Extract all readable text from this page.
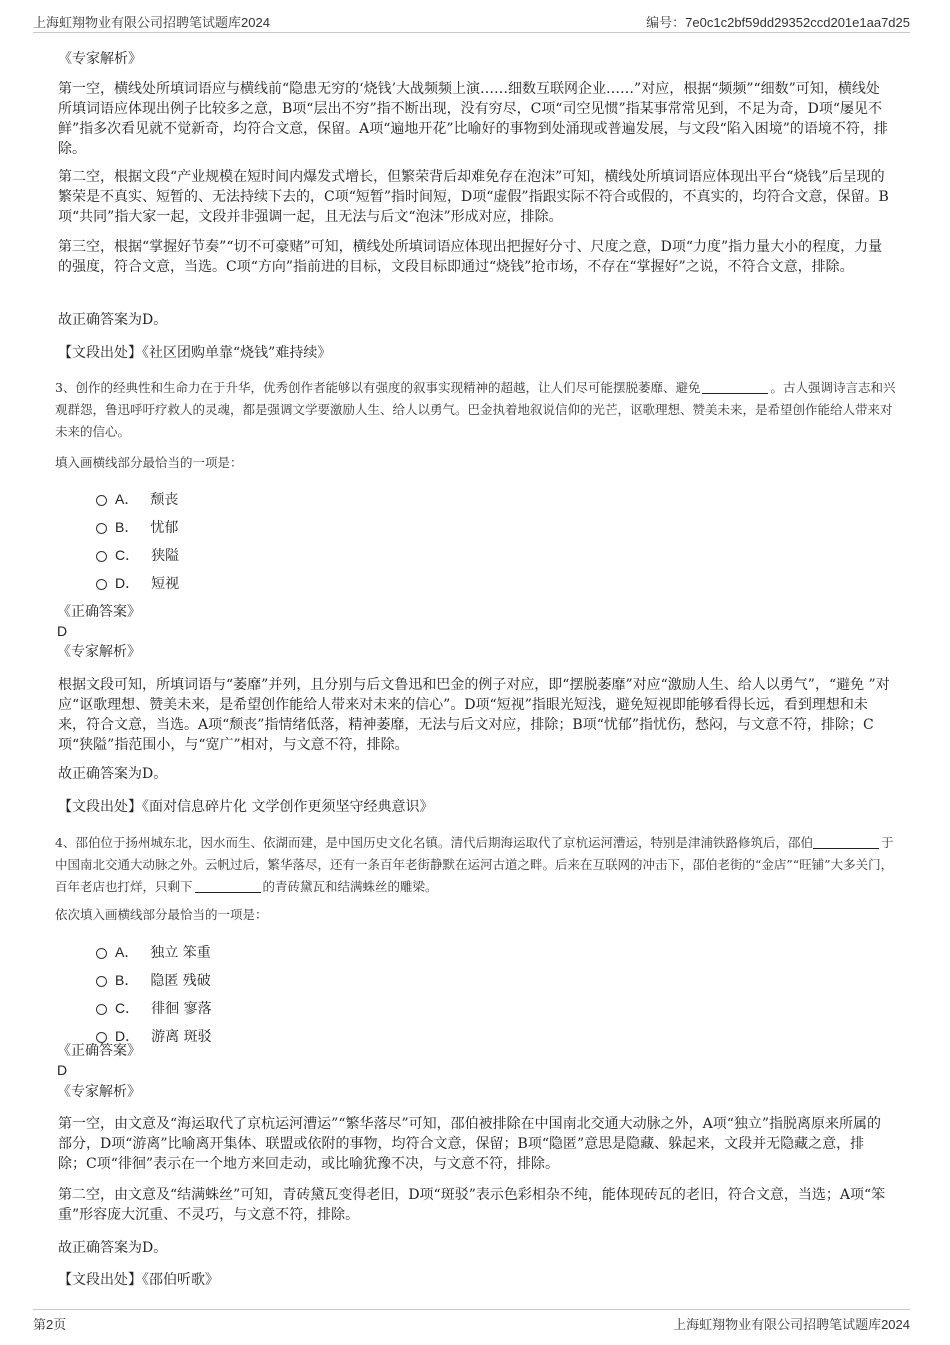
上海虹翔物业有限公司招聘笔试题库2024	编号：7e0c1c2bf59dd29352ccd201e1aa7d25
《专家解析》
第一空，横线处所填词语应与横线前“隐患无穷的‘烧钱’大战频频上演……细数互联网企业……”对应，根据“频频”“细数”可知，横线处所填词语应体现出例子比较多之意，B项“层出不穷”指不断出现，没有穷尽，C项“司空见惯”指某事常常见到，不足为奇，D项“屡见不鲜”指多次看见就不觉新奇，均符合文意，保留。A项“遍地开花”比喻好的事物到处涌现或普遍发展，与文段“陷入困境”的语境不符，排除。
第二空，根据文段“产业规模在短时间内爆发式增长，但繁荣背后却难免存在泡沫”可知，横线处所填词语应体现出平台“烧钱”后呈现的繁荣是不真实、短暂的、无法持续下去的，C项“短暂”指时间短，D项“虚假”指跟实际不符合或假的，不真实的，均符合文意，保留。B项“共同”指大家一起，文段并非强调一起，且无法与后文“泡沫”形成对应，排除。
第三空，根据“掌握好节奏”“切不可豪赌”可知，横线处所填词语应体现出把握好分寸、尺度之意，D项“力度”指力量大小的程度，力量的强度，符合文意，当选。C项“方向”指前进的目标，文段目标即通过“烧钱”抢市场，不存在“掌握好”之说，不符合文意，排除。
故正确答案为D。
【文段出处】《社区团购单靠“烧钱”难持续》
3、创作的经典性和生命力在于升华，优秀创作者能够以有强度的叙事实现精神的超越，让人们尽可能摆脱萎靡、避免	。古人强调诗言志和兴观群怨，鲁迅呼吁疗救人的灵魂，都是强调文学要激励人生、给人以勇气。巴金执着地叙说信仰的光芒，讴歌理想、赞美未来，是希望创作能给人带来对未来的信心。
填入画横线部分最恰当的一项是：
A． 颓丧
B． 忧郁
C． 狭隘
D． 短视
《正确答案》
D
《专家解析》
根据文段可知，所填词语与“萎靡”并列，且分别与后文鲁迅和巴金的例子对应，即“摆脱萎靡”对应“激励人生、给人以勇气”，“避免 ”对应“讴歌理想、赞美未来，是希望创作能给人带来对未来的信心”。D项“短视”指眼光短浅，避免短视即能够看得长远，看到理想和未来，符合文意，当选。A项“颓丧”指情绪低落，精神萎靡，无法与后文对应，排除；B项“忧郁”指忧伤，愁闷，与文意不符，排除；C项“狭隘”指范围小，与“宽广”相对，与文意不符，排除。
故正确答案为D。
【文段出处】《面对信息碎片化 文学创作更须坚守经典意识》
4、邵伯位于扬州城东北，因水而生、依湖而建，是中国历史文化名镇。清代后期海运取代了京杭运河漕运，特别是津浦铁路修筑后，邵伯	于中国南北交通大动脉之外。云帆过后，繁华落尽，还有一条百年老街静默在运河古道之畔。后来在互联网的冲击下，邵伯老街的“金店”“旺铺”大多关门，百年老店也打烊，只剩下	的青砖黛瓦和结满蛛丝的雕梁。
依次填入画横线部分最恰当的一项是：
A． 独立 笨重
B． 隐匿 残破
C． 徘徊 寥落
D． 游离 斑驳
《正确答案》
D
《专家解析》
第一空，由文意及“海运取代了京杭运河漕运”“繁华落尽”可知，邵伯被排除在中国南北交通大动脉之外，A项“独立”指脱离原来所属的部分，D项“游离”比喻离开集体、联盟或依附的事物，均符合文意，保留；B项“隐匿”意思是隐藏、躲起来，文段并无隐藏之意，排除；C项“徘徊”表示在一个地方来回走动，或比喻犹豫不决，与文意不符，排除。
第二空，由文意及“结满蛛丝”可知，青砖黛瓦变得老旧，D项“斑驳”表示色彩相杂不纯，能体现砖瓦的老旧，符合文意，当选；A项“笨重”形容庞大沉重、不灵巧，与文意不符，排除。
故正确答案为D。
【文段出处】《邵伯听歌》
第2页	上海虹翔物业有限公司招聘笔试题库2024
